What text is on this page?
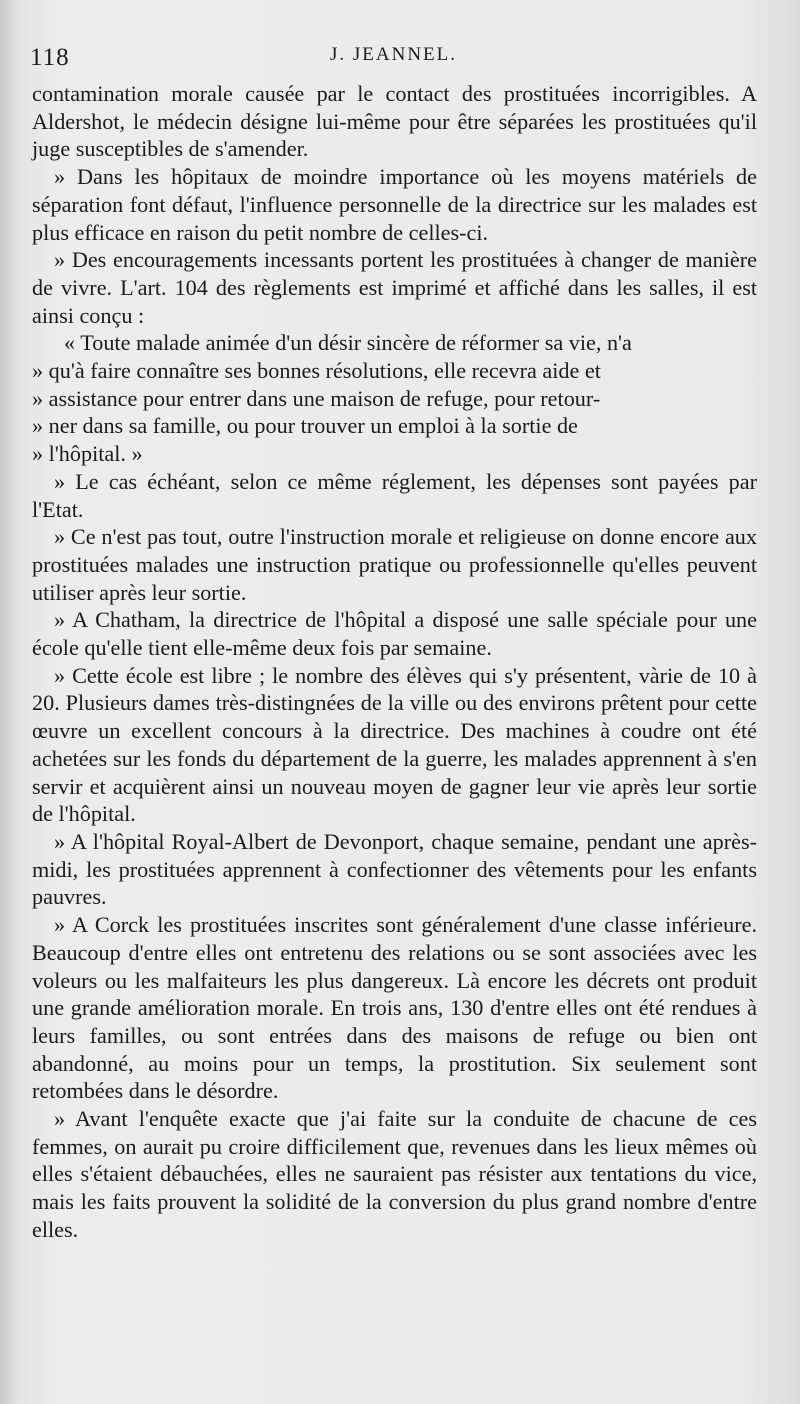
118	J. JEANNEL.

contamination morale causée par le contact des prostituées incorrigibles. A Aldershot, le médecin désigne lui-même pour être séparées les prostituées qu'il juge susceptibles de s'amender.

» Dans les hôpitaux de moindre importance où les moyens matériels de séparation font défaut, l'influence personnelle de la directrice sur les malades est plus efficace en raison du petit nombre de celles-ci.

» Des encouragements incessants portent les prostituées à changer de manière de vivre. L'art. 104 des règlements est imprimé et affiché dans les salles, il est ainsi conçu :

« Toute malade animée d'un désir sincère de réformer sa vie, n'a

» qu'à faire connaître ses bonnes résolutions, elle recevra aide et

» assistance pour entrer dans une maison de refuge, pour retour-

» ner dans sa famille, ou pour trouver un emploi à la sortie de

» l'hôpital. »

» Le cas échéant, selon ce même réglement, les dépenses sont payées par l'Etat.

» Ce n'est pas tout, outre l'instruction morale et religieuse on donne encore aux prostituées malades une instruction pratique ou professionnelle qu'elles peuvent utiliser après leur sortie.

» A Chatham, la directrice de l'hôpital a disposé une salle spéciale pour une école qu'elle tient elle-même deux fois par semaine.

» Cette école est libre ; le nombre des élèves qui s'y présentent, vàrie de 10 à 20. Plusieurs dames très-distingnées de la ville ou des environs prêtent pour cette œuvre un excellent concours à la directrice. Des machines à coudre ont été achetées sur les fonds du département de la guerre, les malades apprennent à s'en servir et acquièrent ainsi un nouveau moyen de gagner leur vie après leur sortie de l'hôpital.

» A l'hôpital Royal-Albert de Devonport, chaque semaine, pendant une après-midi, les prostituées apprennent à confectionner des vêtements pour les enfants pauvres.

» A Corck les prostituées inscrites sont généralement d'une classe inférieure. Beaucoup d'entre elles ont entretenu des relations ou se sont associées avec les voleurs ou les malfaiteurs les plus dangereux. Là encore les décrets ont produit une grande amélioration morale. En trois ans, 130 d'entre elles ont été rendues à leurs familles, ou sont entrées dans des maisons de refuge ou bien ont abandonné, au moins pour un temps, la prostitution. Six seulement sont retombées dans le désordre.

» Avant l'enquête exacte que j'ai faite sur la conduite de chacune de ces femmes, on aurait pu croire difficilement que, revenues dans les lieux mêmes où elles s'étaient débauchées, elles ne sauraient pas résister aux tentations du vice, mais les faits prouvent la solidité de la conversion du plus grand nombre d'entre elles.
